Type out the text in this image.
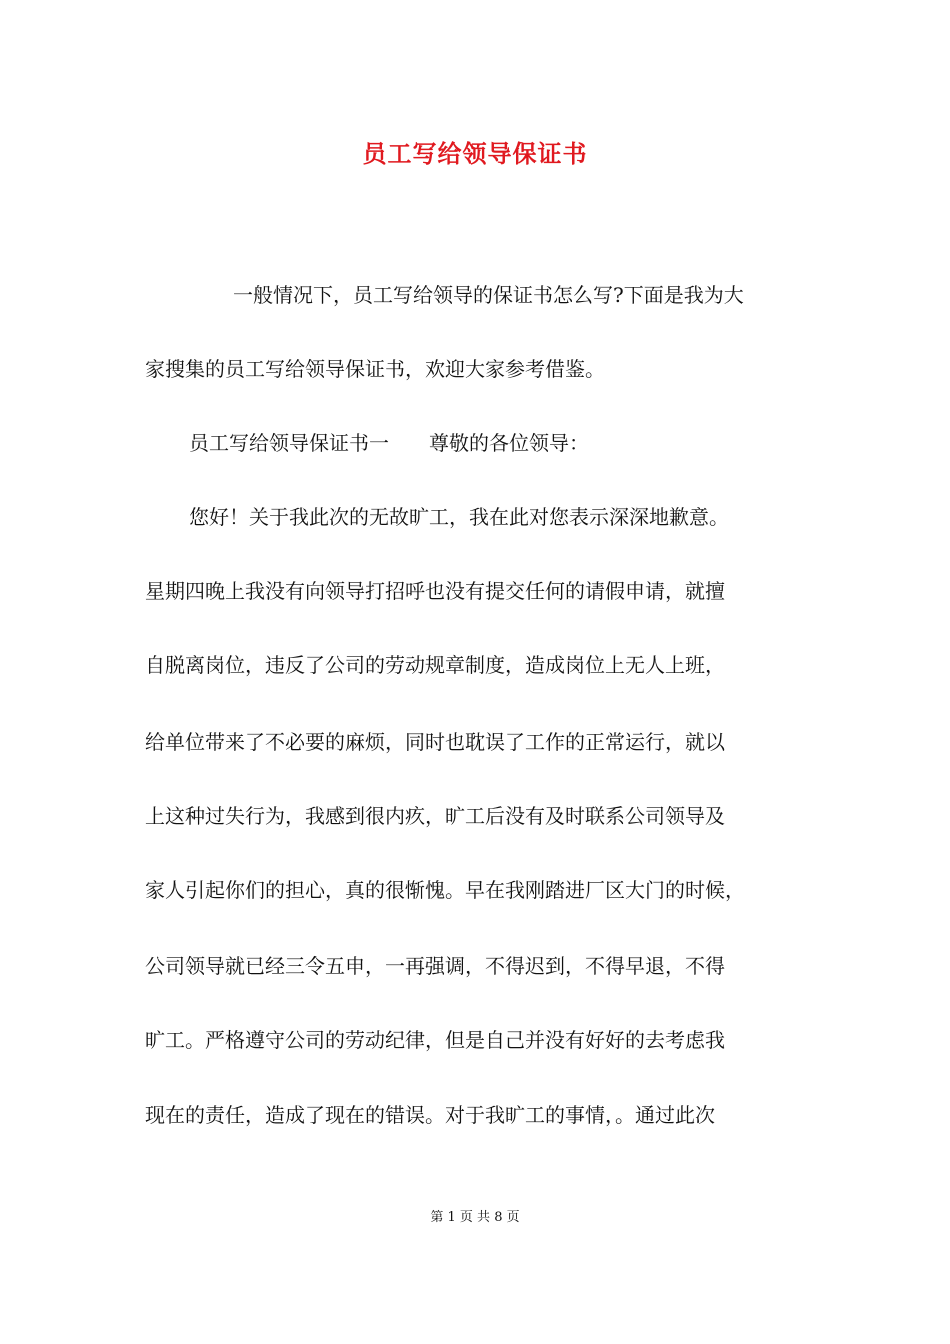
员工写给领导保证书
一般情况下，员工写给领导的保证书怎么写?下面是我为大
家搜集的员工写给领导保证书，欢迎大家参考借鉴。
员工写给领导保证书一 尊敬的各位领导：
您好！关于我此次的无故旷工，我在此对您表示深深地歉意。
星期四晚上我没有向领导打招呼也没有提交任何的请假申请，就擅
自脱离岗位，违反了公司的劳动规章制度，造成岗位上无人上班，
给单位带来了不必要的麻烦，同时也耽误了工作的正常运行，就以
上这种过失行为，我感到很内疚，旷工后没有及时联系公司领导及
家人引起你们的担心，真的很惭愧。早在我刚踏进厂区大门的时候，
公司领导就已经三令五申，一再强调，不得迟到，不得早退，不得
旷工。严格遵守公司的劳动纪律，但是自己并没有好好的去考虑我
现在的责任，造成了现在的错误。对于我旷工的事情，。通过此次
第 1 页 共 8 页
